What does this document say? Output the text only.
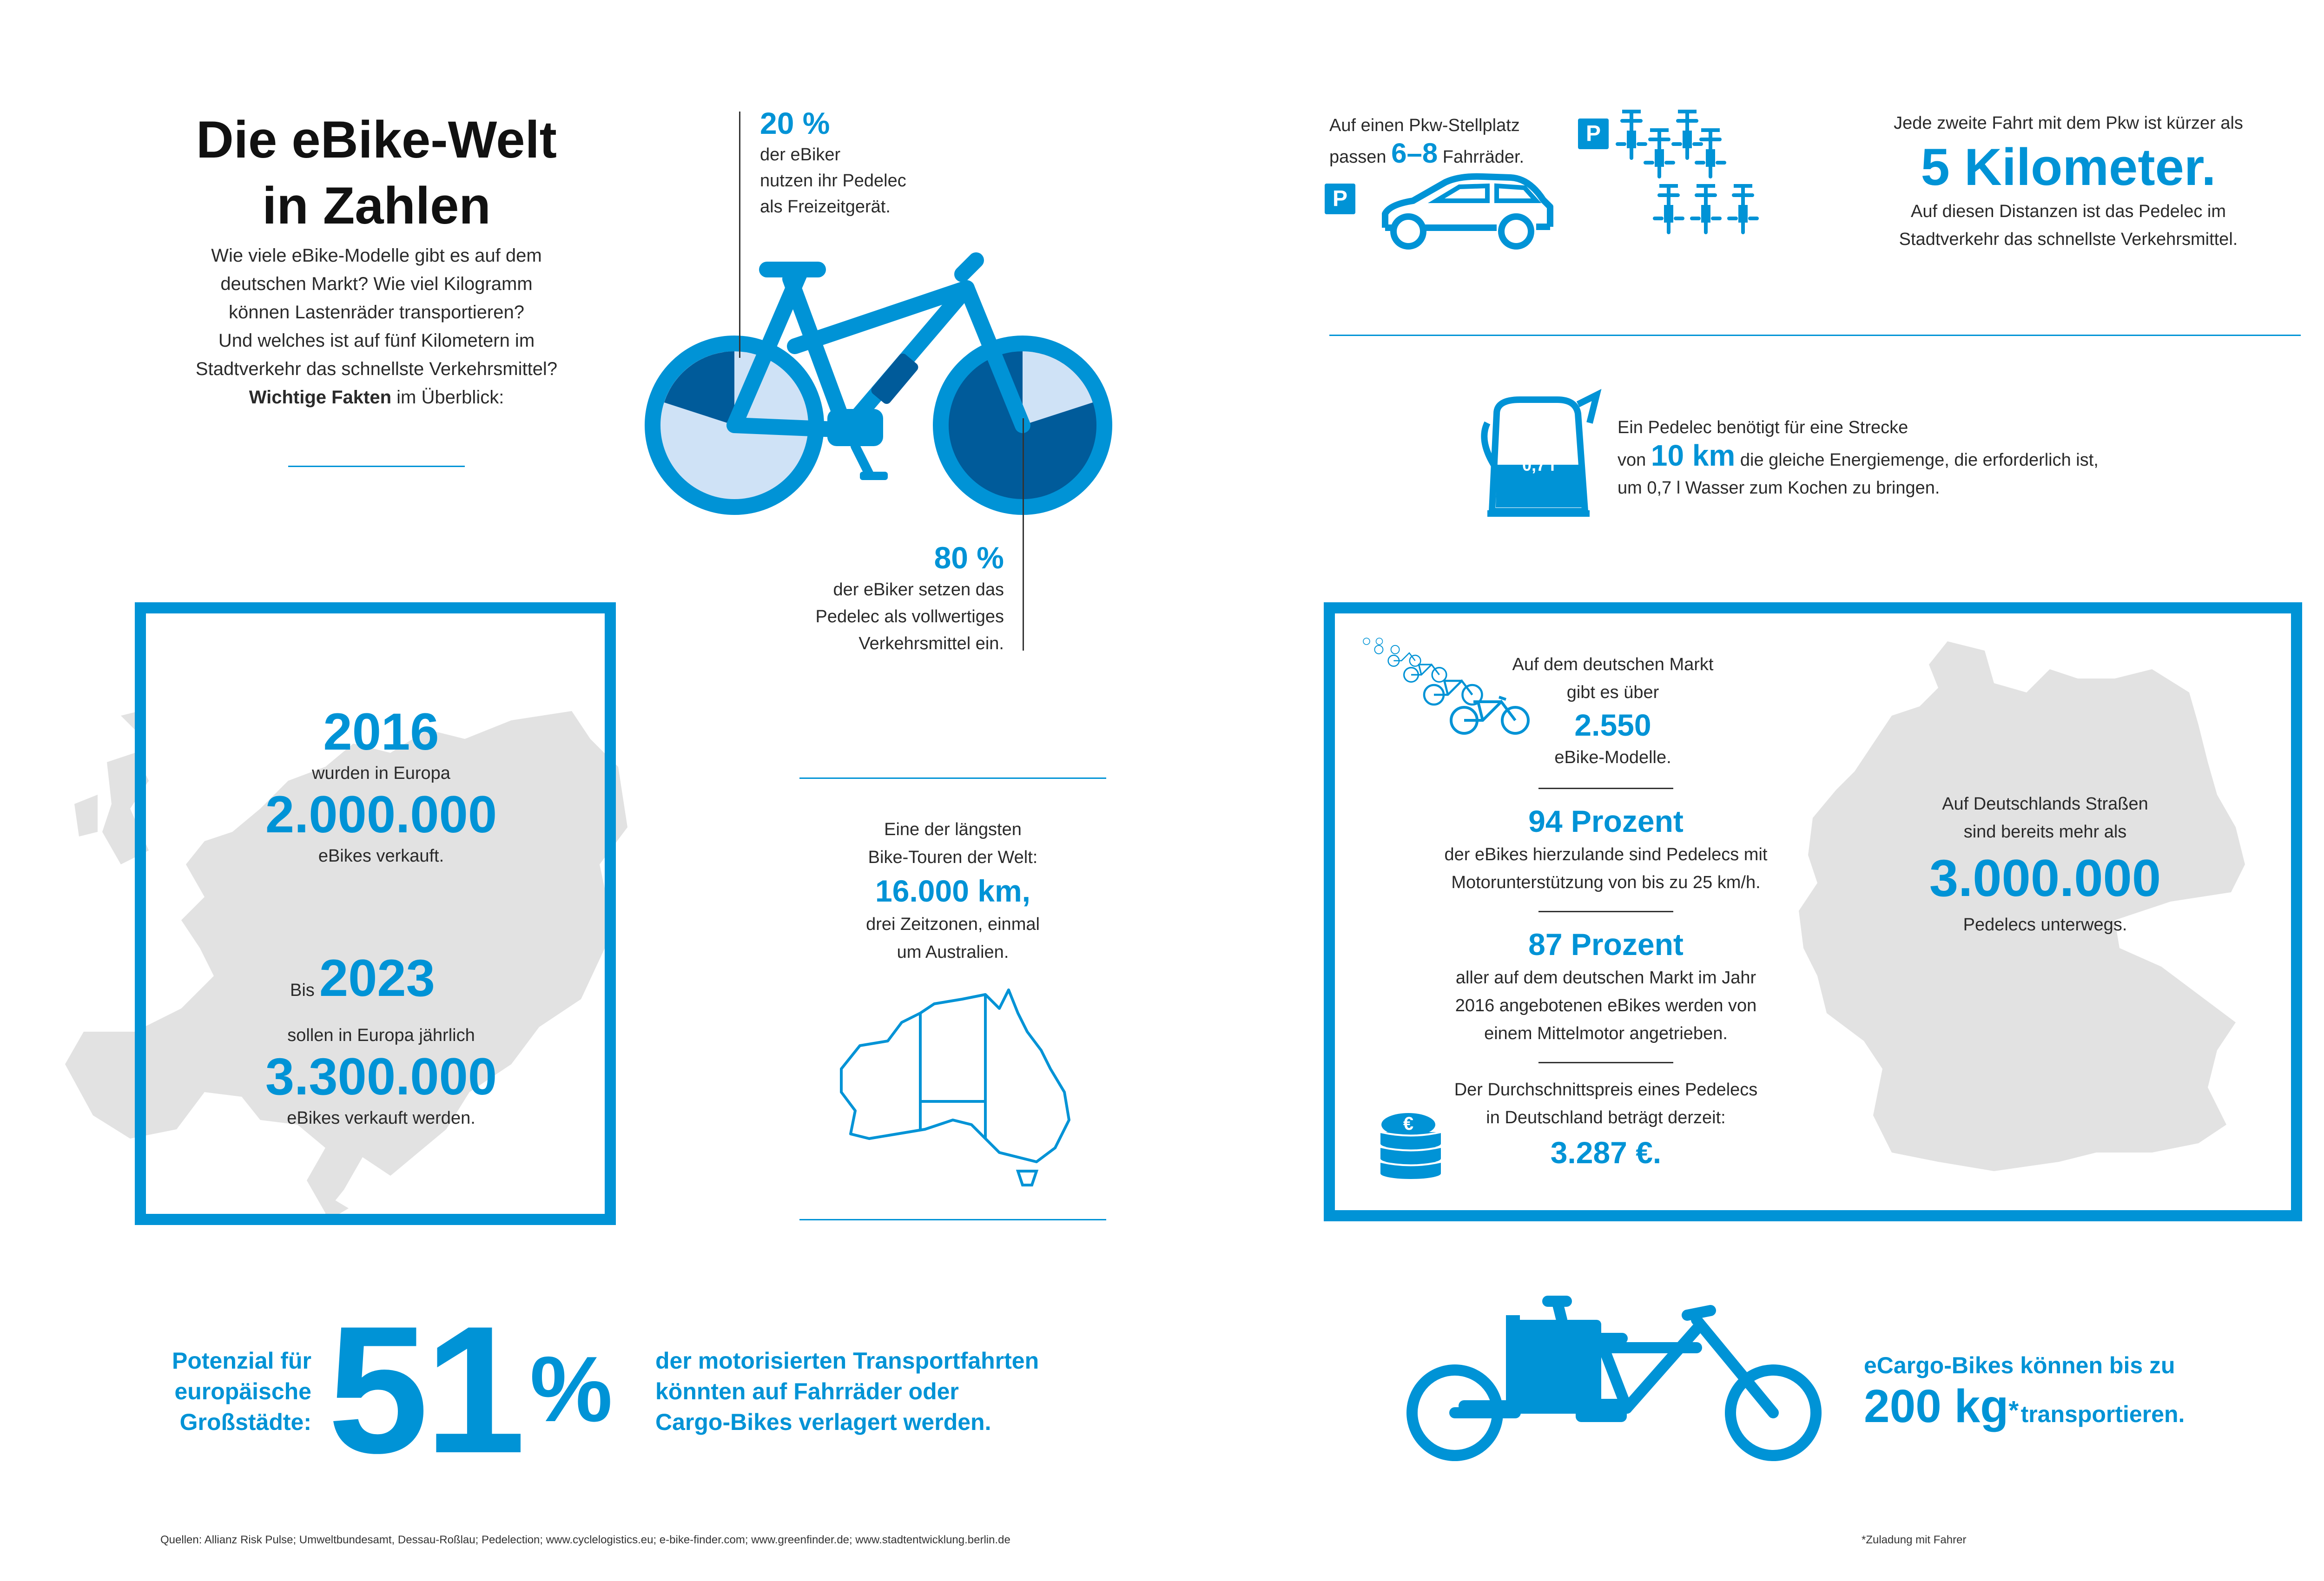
Die eBike-Welt
in Zahlen
Wie viele eBike-Modelle gibt es auf dem
deutschen Markt? Wie viel Kilogramm
können Lastenräder transportieren?
Und welches ist auf fünf Kilometern im
Stadtverkehr das schnellste Verkehrsmittel?
Wichtige Fakten im Überblick:
20 %
der eBiker
nutzen ihr Pedelec
als Freizeitgerät.
80 %
der eBiker setzen das
Pedelec als vollwertiges
Verkehrsmittel ein.
Auf einen Pkw-Stellplatz
passen 6–8 Fahrräder.
P
P	Jede zweite Fahrt mit dem Pkw ist kürzer als
5 Kilometer.
Auf diesen Distanzen ist das Pedelec im
Stadtverkehr das schnellste Verkehrsmittel.
0,7 l
Ein Pedelec benötigt für eine Strecke
von 10 km die gleiche Energiemenge, die erforderlich ist,
um 0,7 l Wasser zum Kochen zu bringen.
2016
wurden in Europa
2.000.000
eBikes verkauft.
Bis2023
sollen in Europa jährlich
3.300.000
eBikes verkauft werden.
Eine der längsten
Bike-Touren der Welt:
16.000 km,
drei Zeitzonen, einmal
um Australien.
Auf dem deutschen Markt
gibt es über
2.550
eBike-Modelle.
94 Prozent
der eBikes hierzulande sind Pedelecs mit
Motorunterstützung von bis zu 25 km/h.
87 Prozent
aller auf dem deutschen Markt im Jahr
2016 angebotenen eBikes werden von
einem Mittelmotor angetrieben.
Der Durchschnittspreis eines Pedelecs
in Deutschland beträgt derzeit:
3.287 €.
€
Auf Deutschlands Straßen
sind bereits mehr als
3.000.000
Pedelecs unterwegs.
Potenzial für
europäische
Großstädte: 51 % der motorisierten Transportfahrten
könnten auf Fahrräder oder
Cargo-Bikes verlagert werden.
eCargo-Bikes können bis zu
200 kg* transportieren.
Quellen: Allianz Risk Pulse; Umweltbundesamt, Dessau-Roßlau; Pedelection; www.cyclelogistics.eu; e-bike-finder.com; www.greenfinder.de; www.stadtentwicklung.berlin.de	*Zuladung mit Fahrer
